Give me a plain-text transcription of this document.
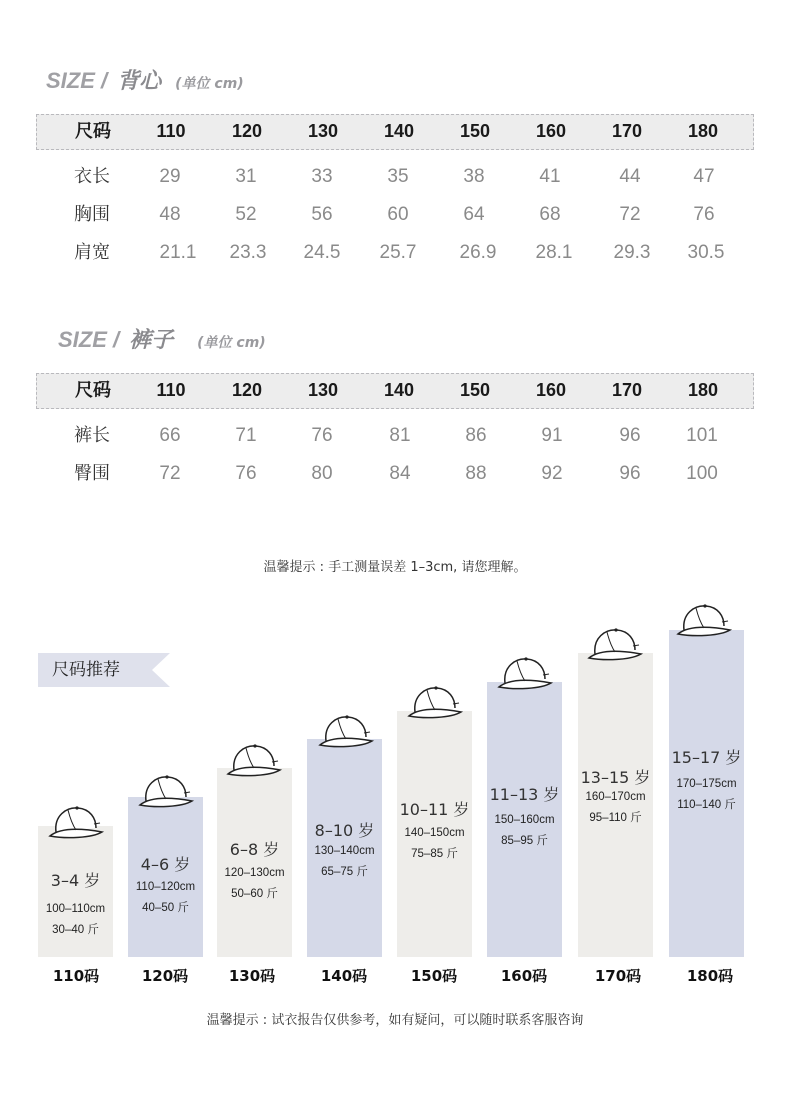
SIZE / 背心 (单位 cm)
尺码	110	120	130	140	150	160	170	180
衣长	29	31	33	35	38	41	44	47
胸围	48	52	56	60	64	68	72	76
肩宽	21.1	23.3	24.5	25.7	26.9	28.1	29.3	30.5
SIZE / 裤子 (单位 cm)
尺码	110	120	130	140	150	160	170	180
裤长	66	71	76	81	86	91	96	101
臀围	72	76	80	84	88	92	96	100
温馨提示 : 手工测量误差 1–3cm, 请您理解。
尺码推荐
3–4 岁
100–110cm
30–40 斤
4–6 岁
110–120cm
40–50 斤
6–8 岁
120–130cm
50–60 斤
8–10 岁
130–140cm
65–75 斤
10–11 岁
140–150cm
75–85 斤
11–13 岁
150–160cm
85–95 斤
13–15 岁
160–170cm
95–110 斤
15–17 岁
170–175cm
110–140 斤
110码	120码	130码	140码	150码	160码	170码	180码
温馨提示 : 试衣报告仅供参考，如有疑问，可以随时联系客服咨询
